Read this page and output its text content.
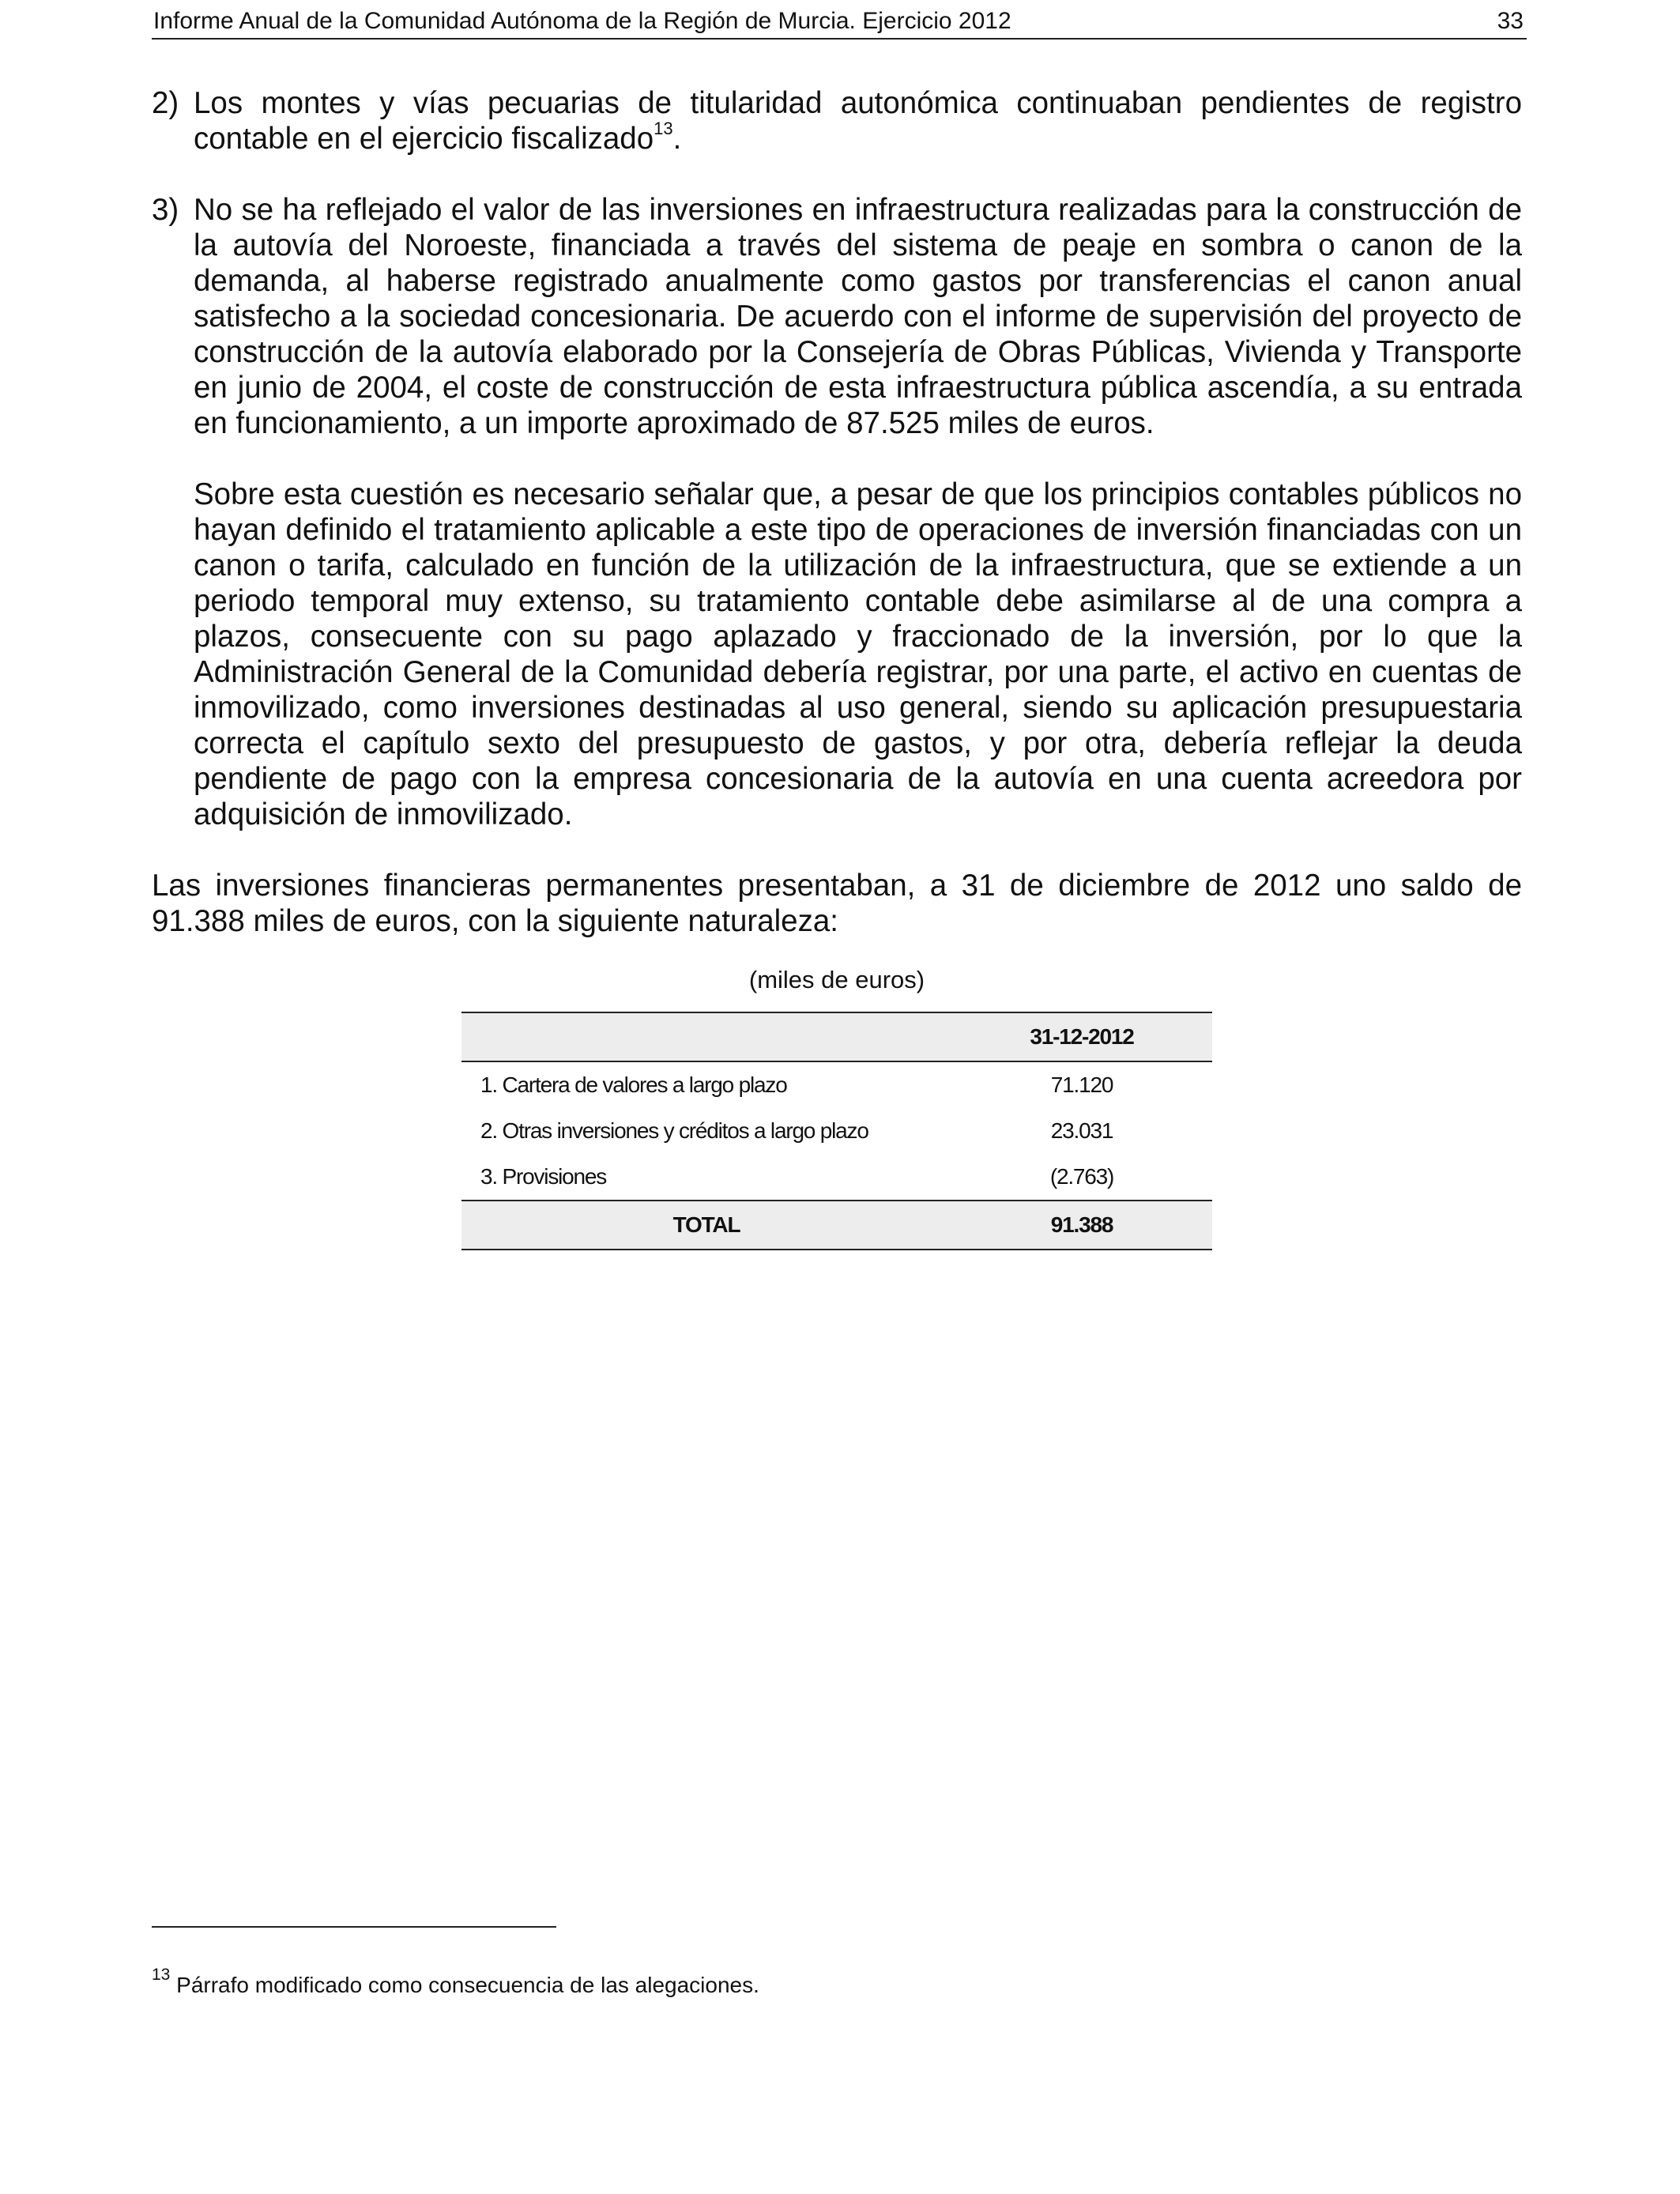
Informe Anual de la Comunidad Autónoma de la Región de Murcia. Ejercicio 2012	33
2) Los montes y vías pecuarias de titularidad autonómica continuaban pendientes de registro contable en el ejercicio fiscalizado$^{13}$.

3) No se ha reflejado el valor de las inversiones en infraestructura realizadas para la construcción de la autovía del Noroeste, financiada a través del sistema de peaje en sombra o canon de la demanda, al haberse registrado anualmente como gastos por transferencias el canon anual satisfecho a la sociedad concesionaria. De acuerdo con el informe de supervisión del proyecto de construcción de la autovía elaborado por la Consejería de Obras Públicas, Vivienda y Transporte en junio de 2004, el coste de construcción de esta infraestructura pública ascendía, a su entrada en funcionamiento, a un importe aproximado de 87.525 miles de euros.

Sobre esta cuestión es necesario señalar que, a pesar de que los principios contables públicos no hayan definido el tratamiento aplicable a este tipo de operaciones de inversión financiadas con un canon o tarifa, calculado en función de la utilización de la infraestructura, que se extiende a un periodo temporal muy extenso, su tratamiento contable debe asimilarse al de una compra a plazos, consecuente con su pago aplazado y fraccionado de la inversión, por lo que la Administración General de la Comunidad debería registrar, por una parte, el activo en cuentas de inmovilizado, como inversiones destinadas al uso general, siendo su aplicación presupuestaria correcta el capítulo sexto del presupuesto de gastos, y por otra, debería reflejar la deuda pendiente de pago con la empresa concesionaria de la autovía en una cuenta acreedora por adquisición de inmovilizado.

Las inversiones financieras permanentes presentaban, a 31 de diciembre de 2012 uno saldo de 91.388 miles de euros, con la siguiente naturaleza:

(miles de euros)
	31-12-2012
1. Cartera de valores a largo plazo	71.120
2. Otras inversiones y créditos a largo plazo	23.031
3. Provisiones	(2.763)
TOTAL	91.388
$^{13}$ Párrafo modificado como consecuencia de las alegaciones.
